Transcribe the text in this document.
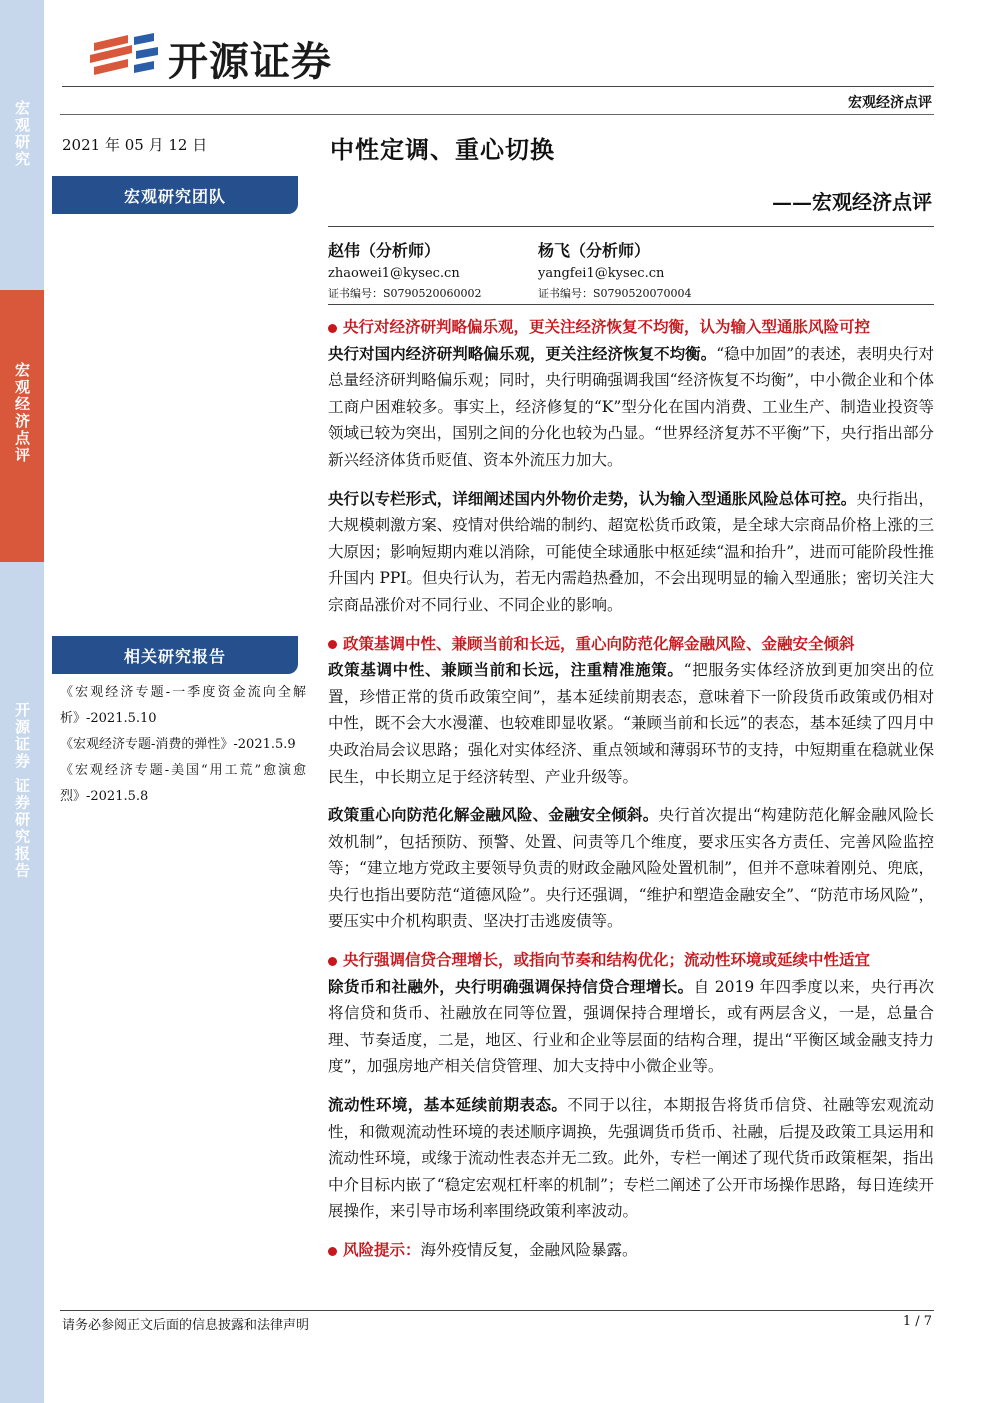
宏观研究
宏观经济点评
开源证券 证券研究报告
开源证券
宏观经济点评
2021 年 05 月 12 日	中性定调、重心切换
——宏观经济点评
宏观研究团队
赵伟（分析师）
zhaowei1@kysec.cn
证书编号：S0790520060002
杨飞（分析师）
yangfei1@kysec.cn
证书编号：S0790520070004
央行对经济研判略偏乐观，更关注经济恢复不均衡，认为输入型通胀风险可控
央行对国内经济研判略偏乐观，更关注经济恢复不均衡。“稳中加固”的表述，表明央行对总量经济研判略偏乐观；同时，央行明确强调我国“经济恢复不均衡”，中小微企业和个体工商户困难较多。事实上，经济修复的“K”型分化在国内消费、工业生产、制造业投资等领域已较为突出，国别之间的分化也较为凸显。“世界经济复苏不平衡”下，央行指出部分新兴经济体货币贬值、资本外流压力加大。
央行以专栏形式，详细阐述国内外物价走势，认为输入型通胀风险总体可控。央行指出，大规模刺激方案、疫情对供给端的制约、超宽松货币政策，是全球大宗商品价格上涨的三大原因；影响短期内难以消除，可能使全球通胀中枢延续“温和抬升”，进而可能阶段性推升国内 PPI。但央行认为，若无内需趋热叠加，不会出现明显的输入型通胀；密切关注大宗商品涨价对不同行业、不同企业的影响。
政策基调中性、兼顾当前和长远，重心向防范化解金融风险、金融安全倾斜
政策基调中性、兼顾当前和长远，注重精准施策。“把服务实体经济放到更加突出的位置，珍惜正常的货币政策空间”，基本延续前期表态，意味着下一阶段货币政策或仍相对中性，既不会大水漫灌、也较难即显收紧。“兼顾当前和长远”的表态，基本延续了四月中央政治局会议思路；强化对实体经济、重点领域和薄弱环节的支持，中短期重在稳就业保民生，中长期立足于经济转型、产业升级等。
政策重心向防范化解金融风险、金融安全倾斜。央行首次提出“构建防范化解金融风险长效机制”，包括预防、预警、处置、问责等几个维度，要求压实各方责任、完善风险监控等；“建立地方党政主要领导负责的财政金融风险处置机制”，但并不意味着刚兑、兜底，央行也指出要防范“道德风险”。央行还强调，“维护和塑造金融安全”、“防范市场风险”，要压实中介机构职责、坚决打击逃废债等。
央行强调信贷合理增长，或指向节奏和结构优化；流动性环境或延续中性适宜
除货币和社融外，央行明确强调保持信贷合理增长。自 2019 年四季度以来，央行再次将信贷和货币、社融放在同等位置，强调保持合理增长，或有两层含义，一是，总量合理、节奏适度，二是，地区、行业和企业等层面的结构合理，提出“平衡区域金融支持力度”，加强房地产相关信贷管理、加大支持中小微企业等。
流动性环境，基本延续前期表态。不同于以往，本期报告将货币信贷、社融等宏观流动性，和微观流动性环境的表述顺序调换，先强调货币货币、社融，后提及政策工具运用和流动性环境，或缘于流动性表态并无二致。此外，专栏一阐述了现代货币政策框架，指出中介目标内嵌了“稳定宏观杠杆率的机制”；专栏二阐述了公开市场操作思路，每日连续开展操作，来引导市场利率围绕政策利率波动。
风险提示：海外疫情反复，金融风险暴露。
相关研究报告
《宏观经济专题-一季度资金流向全解析》-2021.5.10
《宏观经济专题-消费的弹性》-2021.5.9
《宏观经济专题-美国“用工荒”愈演愈烈》-2021.5.8
请务必参阅正文后面的信息披露和法律声明	1 / 7
